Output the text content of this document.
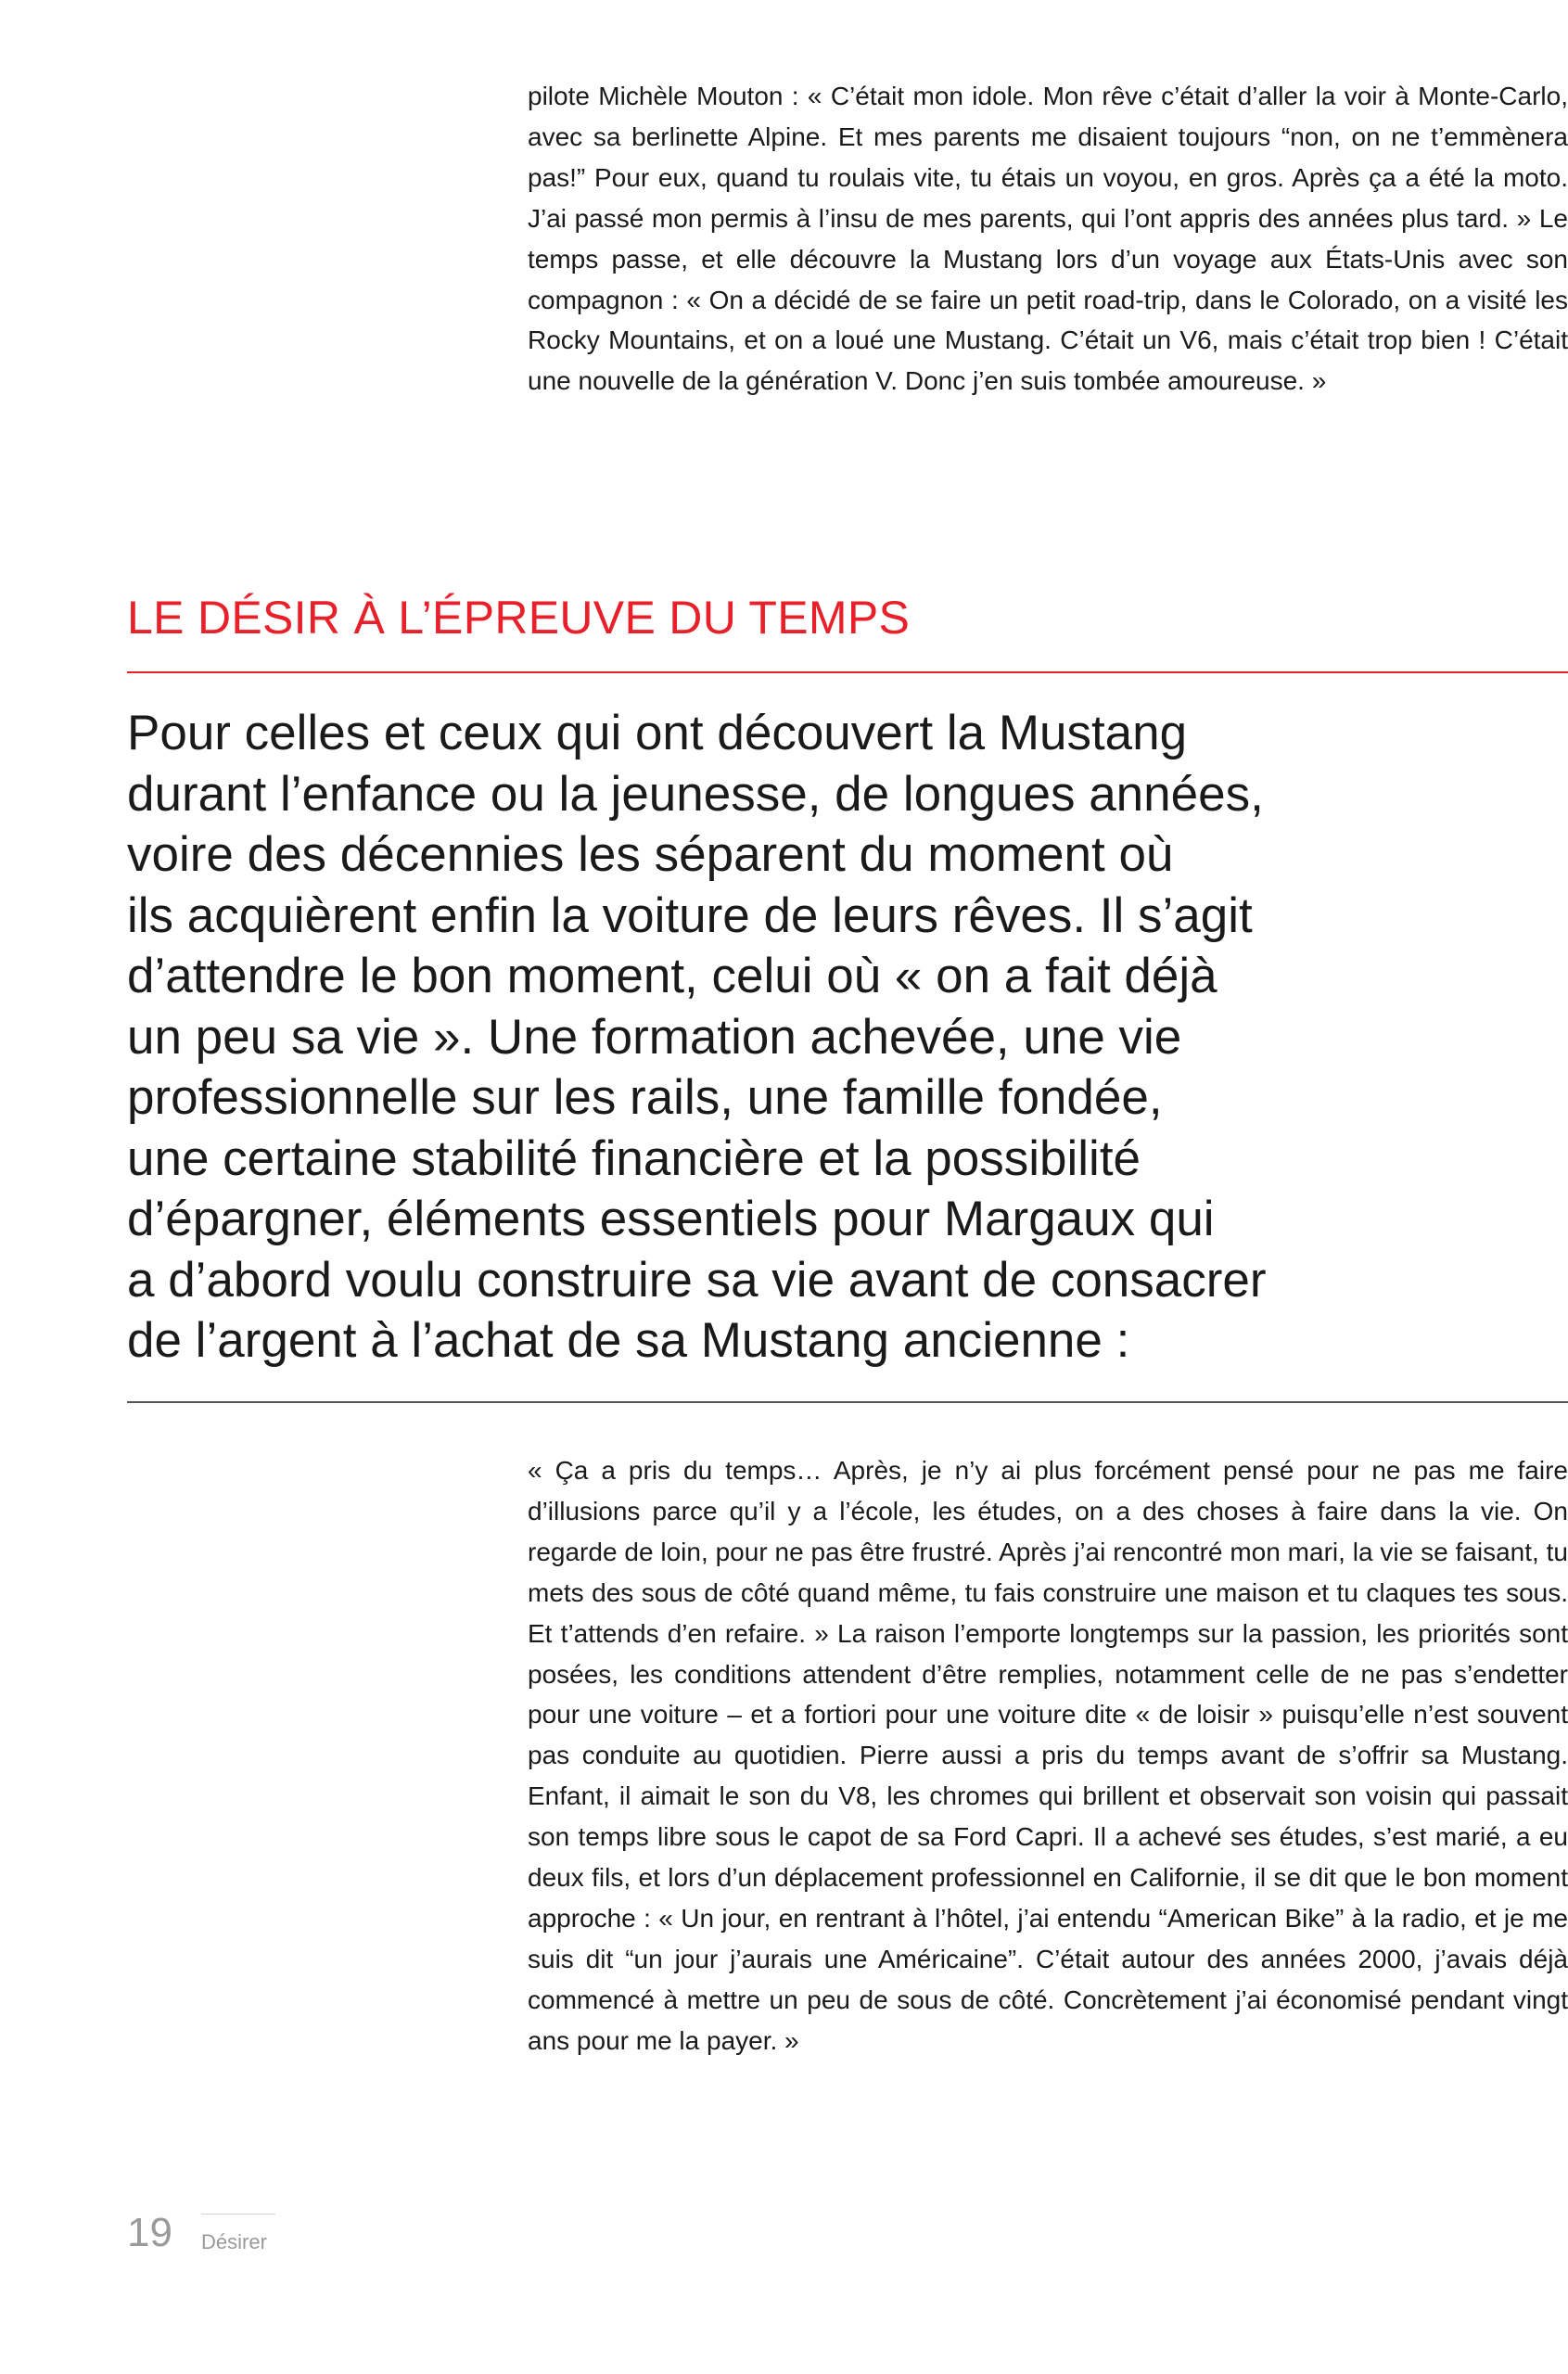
pilote Michèle Mouton : « C’était mon idole. Mon rêve c’était d’aller la voir à Monte-Carlo, avec sa berlinette Alpine. Et mes parents me disaient toujours “non, on ne t’emmènera pas!” Pour eux, quand tu roulais vite, tu étais un voyou, en gros. Après ça a été la moto. J’ai passé mon permis à l’insu de mes parents, qui l’ont appris des années plus tard. » Le temps passe, et elle découvre la Mustang lors d’un voyage aux États-Unis avec son compagnon : « On a décidé de se faire un petit road-trip, dans le Colorado, on a visité les Rocky Mountains, et on a loué une Mustang. C’était un V6, mais c’était trop bien ! C’était une nouvelle de la génération V. Donc j’en suis tombée amoureuse. »

LE DÉSIR À L’ÉPREUVE DU TEMPS

Pour celles et ceux qui ont découvert la Mustang
durant l’enfance ou la jeunesse, de longues années,
voire des décennies les séparent du moment où
ils acquièrent enfin la voiture de leurs rêves. Il s’agit
d’attendre le bon moment, celui où « on a fait déjà
un peu sa vie ». Une formation achevée, une vie
professionnelle sur les rails, une famille fondée,
une certaine stabilité financière et la possibilité
d’épargner, éléments essentiels pour Margaux qui
a d’abord voulu construire sa vie avant de consacrer
de l’argent à l’achat de sa Mustang ancienne :

« Ça a pris du temps… Après, je n’y ai plus forcément pensé pour ne pas me faire d’illusions parce qu’il y a l’école, les études, on a des choses à faire dans la vie. On regarde de loin, pour ne pas être frustré. Après j’ai rencontré mon mari, la vie se faisant, tu mets des sous de côté quand même, tu fais construire une maison et tu claques tes sous. Et t’attends d’en refaire. » La raison l’emporte longtemps sur la passion, les priorités sont posées, les conditions attendent d’être remplies, notamment celle de ne pas s’endetter pour une voiture – et a fortiori pour une voiture dite « de loisir » puisqu’elle n’est souvent pas conduite au quotidien. Pierre aussi a pris du temps avant de s’offrir sa Mustang. Enfant, il aimait le son du V8, les chromes qui brillent et observait son voisin qui passait son temps libre sous le capot de sa Ford Capri. Il a achevé ses études, s’est marié, a eu deux fils, et lors d’un déplacement professionnel en Californie, il se dit que le bon moment approche : « Un jour, en rentrant à l’hôtel, j’ai entendu “American Bike” à la radio, et je me suis dit “un jour j’aurais une Américaine”. C’était autour des années 2000, j’avais déjà commencé à mettre un peu de sous de côté. Concrètement j’ai économisé pendant vingt ans pour me la payer. »

19 Désirer
